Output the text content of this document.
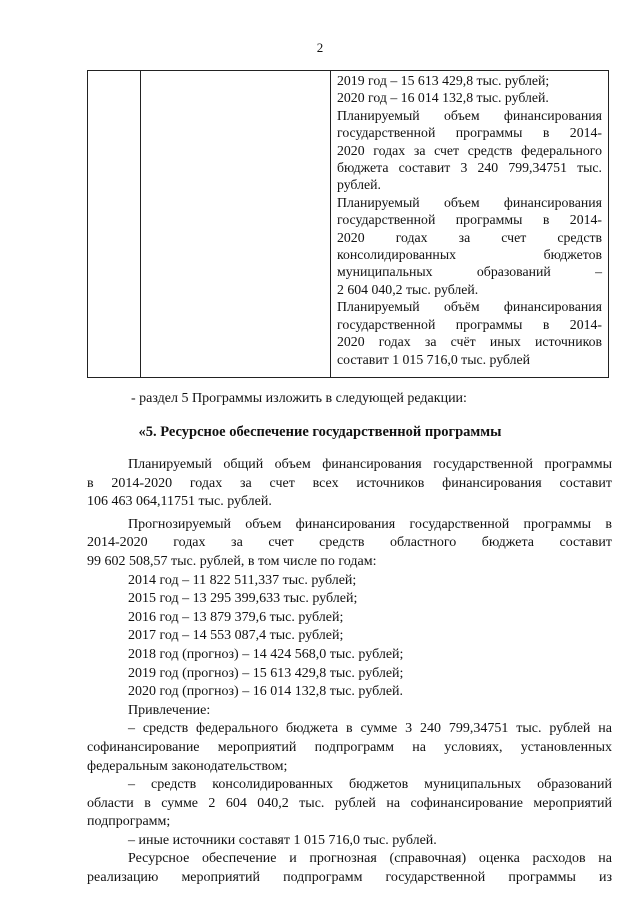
2
2019 год – 15 613 429,8 тыс. рублей;
2020 год – 16 014 132,8 тыс. рублей.
Планируемый объем финансирования
государственной программы в 2014-
2020 годах за счет средств федерального
бюджета составит 3 240 799,34751 тыс.
рублей.
Планируемый объем финансирования
государственной программы в 2014-
2020 годах за счет средств
консолидированных бюджетов
муниципальных образований –
2 604 040,2 тыс. рублей.
Планируемый объём финансирования
государственной программы в 2014-
2020 годах за счёт иных источников
составит 1 015 716,0 тыс. рублей
- раздел 5 Программы изложить в следующей редакции:
«5. Ресурсное обеспечение государственной программы
Планируемый общий объем финансирования государственной программы
в 2014-2020 годах за счет всех источников финансирования составит
106 463 064,11751 тыс. рублей.
Прогнозируемый объем финансирования государственной программы в
2014-2020 годах за счет средств областного бюджета составит
99 602 508,57 тыс. рублей, в том числе по годам:
2014 год – 11 822 511,337 тыс. рублей;
2015 год – 13 295 399,633 тыс. рублей;
2016 год – 13 879 379,6 тыс. рублей;
2017 год – 14 553 087,4 тыс. рублей;
2018 год (прогноз) – 14 424 568,0 тыс. рублей;
2019 год (прогноз) – 15 613 429,8 тыс. рублей;
2020 год (прогноз) – 16 014 132,8 тыс. рублей.
Привлечение:
– средств федерального бюджета в сумме 3 240 799,34751 тыс. рублей на
софинансирование мероприятий подпрограмм на условиях, установленных
федеральным законодательством;
– средств консолидированных бюджетов муниципальных образований
области в сумме 2 604 040,2 тыс. рублей на софинансирование мероприятий
подпрограмм;
– иные источники составят 1 015 716,0 тыс. рублей.
Ресурсное обеспечение и прогнозная (справочная) оценка расходов на
реализацию мероприятий подпрограмм государственной программы из
